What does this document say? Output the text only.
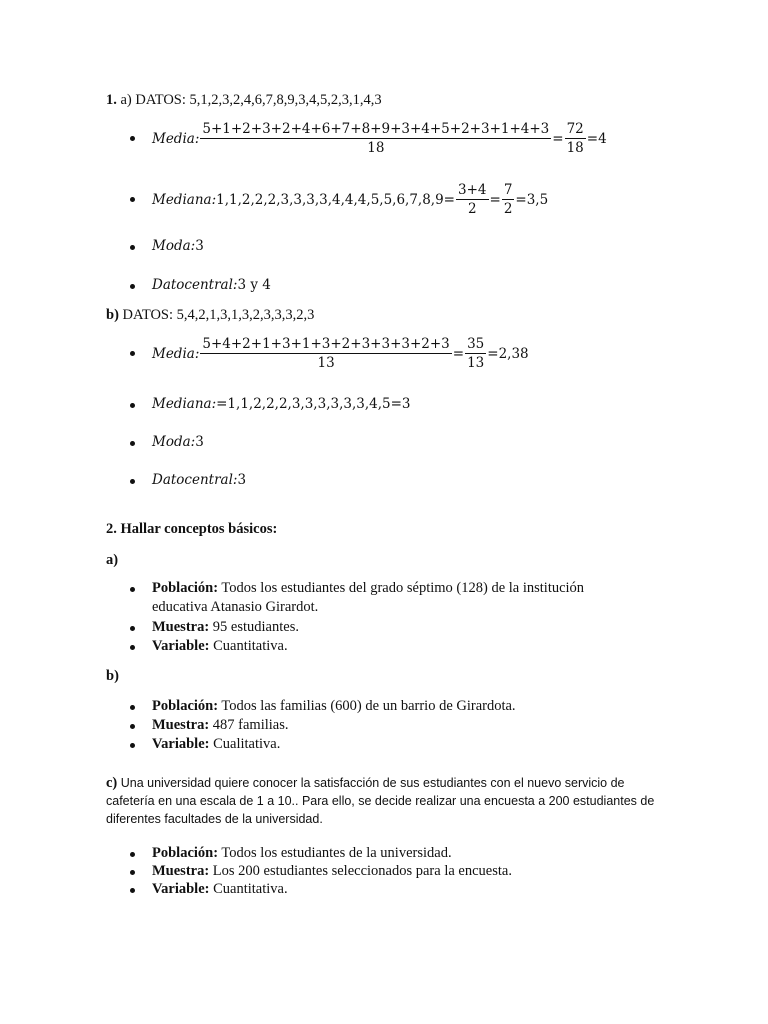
1. a) DATOS: 5,1,2,3,2,4,6,7,8,9,3,4,5,2,3,1,4,3
Media: $\frac{5+1+2+3+2+4+6+7+8+9+3+4+5+2+3+1+4+3}{18} = \frac{72}{18} =4$
Mediana: $1,1,2,2,2,3,3,3,3,4,4,4,5,5,6,7,8,9= \frac{3+4}{2} = \frac{7}{2} =3,5$
Moda:3
Datocentral:3 y 4
b) DATOS: 5,4,2,1,3,1,3,2,3,3,3,2,3
Media: $\frac{5+4+2+1+3+1+3+2+3+3+3+2+3}{13} = \frac{35}{13} =2,38$
Mediana:=1,1,2,2,2,3,3,3,3,3,3,4,5=3
Moda:3
Datocentral:3
2. Hallar conceptos básicos:
a)
Población: Todos los estudiantes del grado séptimo (128) de la institución
educativa Atanasio Girardot.
Muestra: 95 estudiantes.
Variable: Cuantitativa.
b)
Población: Todos las familias (600) de un barrio de Girardota.
Muestra: 487 familias.
Variable: Cualitativa.
c) Una universidad quiere conocer la satisfacción de sus estudiantes con el nuevo servicio de
cafetería en una escala de 1 a 10.. Para ello, se decide realizar una encuesta a 200 estudiantes de
diferentes facultades de la universidad.
Población: Todos los estudiantes de la universidad.
Muestra: Los 200 estudiantes seleccionados para la encuesta.
Variable: Cuantitativa.
